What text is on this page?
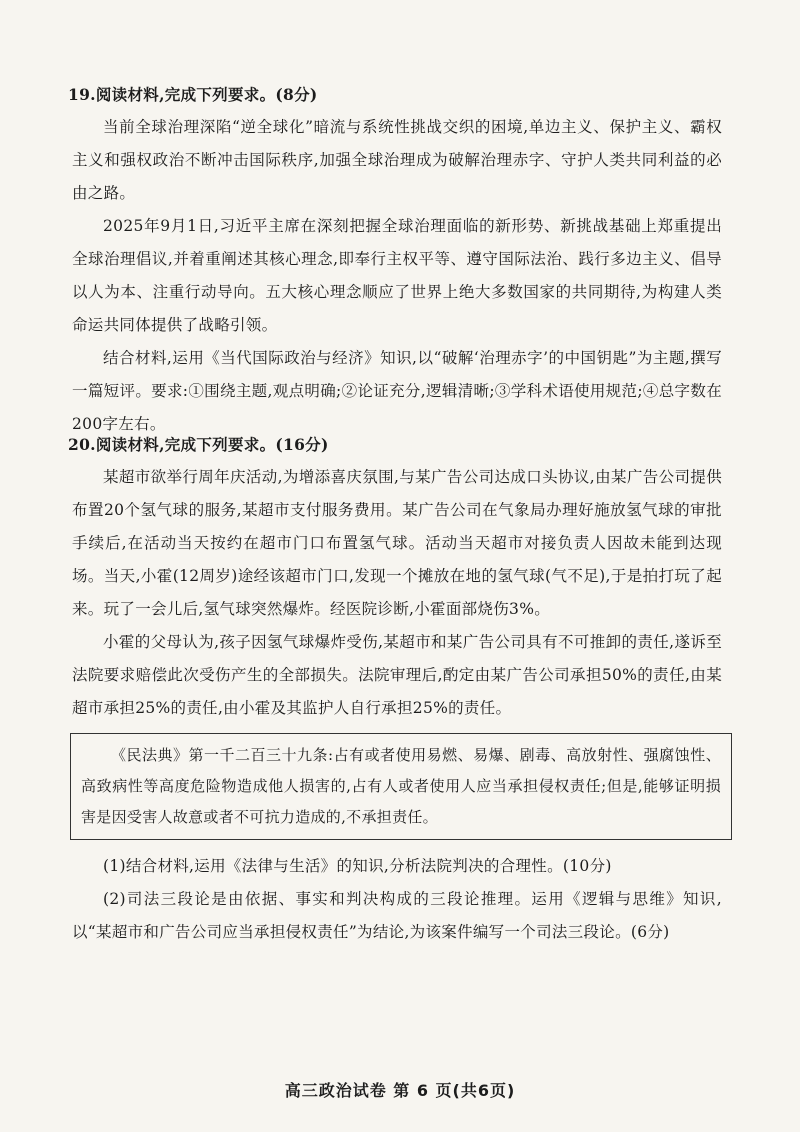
19.阅读材料,完成下列要求。(8分)

当前全球治理深陷“逆全球化”暗流与系统性挑战交织的困境,单边主义、保护主义、霸权主义和强权政治不断冲击国际秩序,加强全球治理成为破解治理赤字、守护人类共同利益的必由之路。

2025年9月1日,习近平主席在深刻把握全球治理面临的新形势、新挑战基础上郑重提出全球治理倡议,并着重阐述其核心理念,即奉行主权平等、遵守国际法治、践行多边主义、倡导以人为本、注重行动导向。五大核心理念顺应了世界上绝大多数国家的共同期待,为构建人类命运共同体提供了战略引领。

结合材料,运用《当代国际政治与经济》知识,以“破解‘治理赤字’的中国钥匙”为主题,撰写一篇短评。要求:①围绕主题,观点明确;②论证充分,逻辑清晰;③学科术语使用规范;④总字数在200字左右。

20.阅读材料,完成下列要求。(16分)

某超市欲举行周年庆活动,为增添喜庆氛围,与某广告公司达成口头协议,由某广告公司提供布置20个氢气球的服务,某超市支付服务费用。某广告公司在气象局办理好施放氢气球的审批手续后,在活动当天按约在超市门口布置氢气球。活动当天超市对接负责人因故未能到达现场。当天,小霍(12周岁)途经该超市门口,发现一个摊放在地的氢气球(气不足),于是拍打玩了起来。玩了一会儿后,氢气球突然爆炸。经医院诊断,小霍面部烧伤3%。

小霍的父母认为,孩子因氢气球爆炸受伤,某超市和某广告公司具有不可推卸的责任,遂诉至法院要求赔偿此次受伤产生的全部损失。法院审理后,酌定由某广告公司承担50%的责任,由某超市承担25%的责任,由小霍及其监护人自行承担25%的责任。

《民法典》第一千二百三十九条:占有或者使用易燃、易爆、剧毒、高放射性、强腐蚀性、高致病性等高度危险物造成他人损害的,占有人或者使用人应当承担侵权责任;但是,能够证明损害是因受害人故意或者不可抗力造成的,不承担责任。

(1)结合材料,运用《法律与生活》的知识,分析法院判决的合理性。(10分)

(2)司法三段论是由依据、事实和判决构成的三段论推理。运用《逻辑与思维》知识,以“某超市和广告公司应当承担侵权责任”为结论,为该案件编写一个司法三段论。(6分)

高三政治试卷 第 6 页(共6页)
